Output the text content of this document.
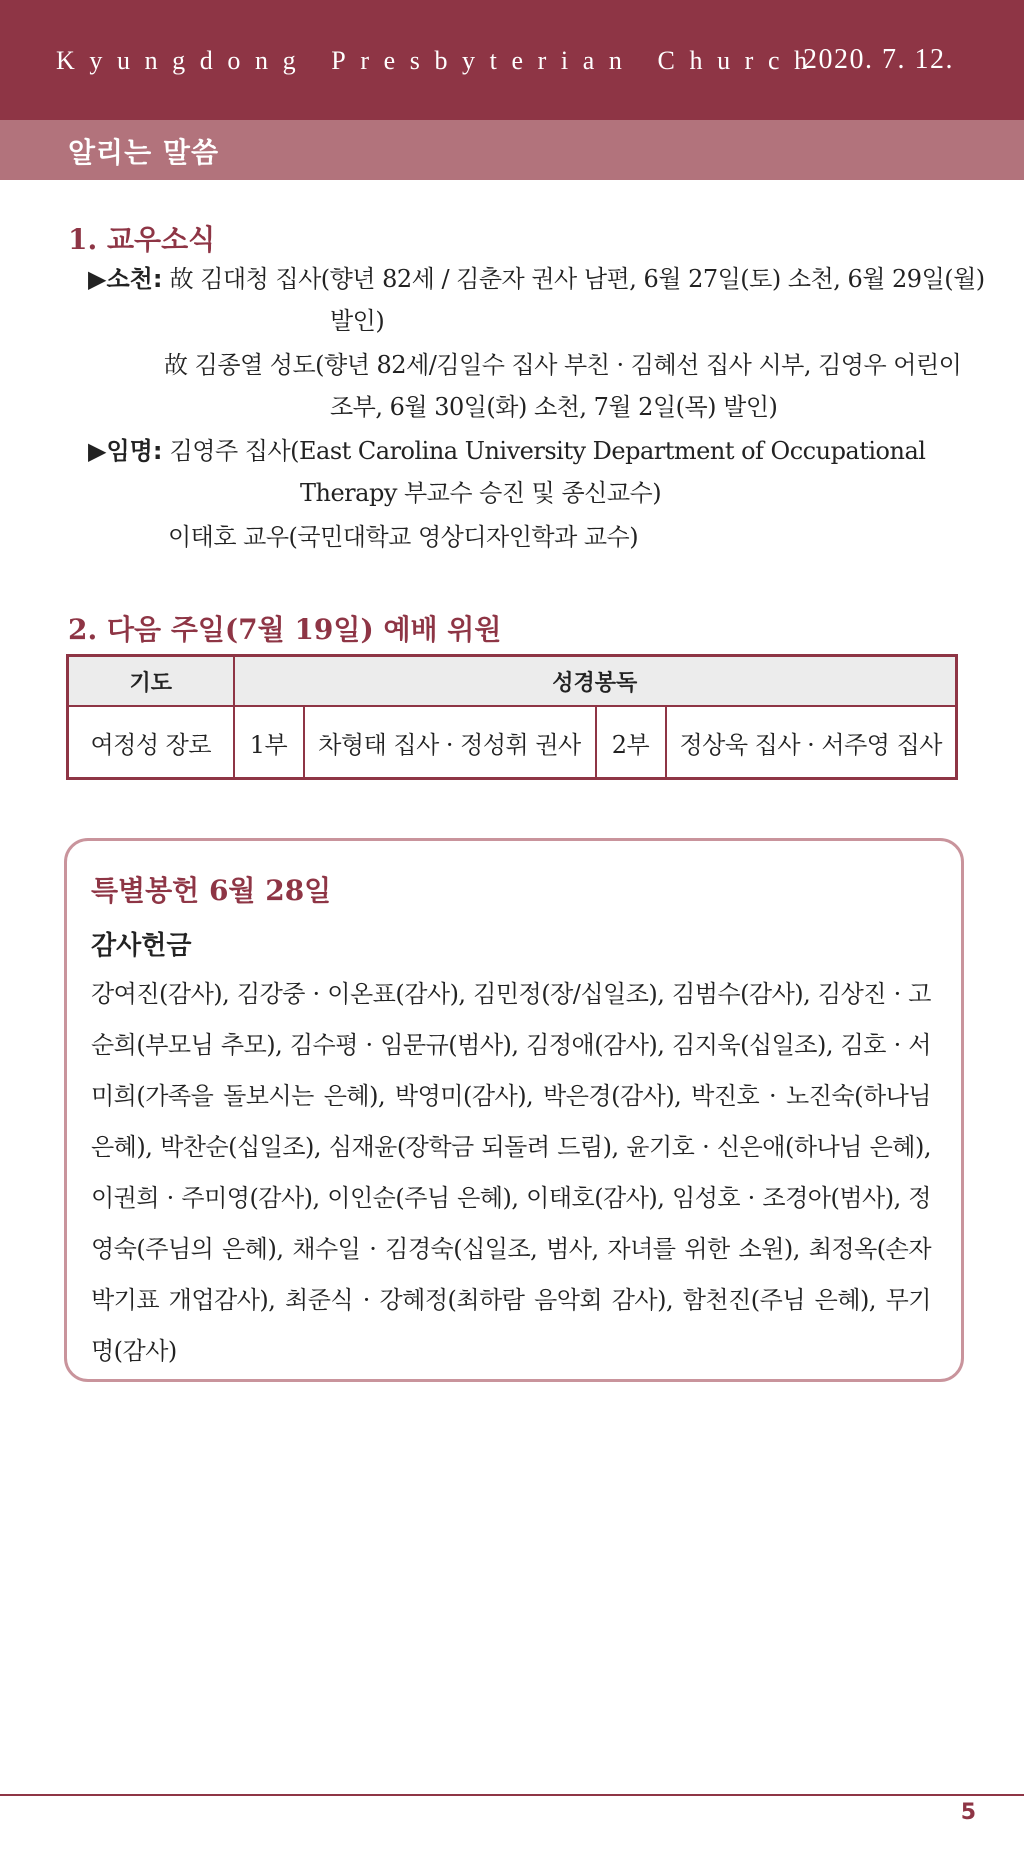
Kyungdong Presbyterian Church
2020. 7. 12.
알리는 말씀
1. 교우소식
▶소천: 故 김대청 집사(향년 82세 / 김춘자 권사 남편, 6월 27일(토) 소천, 6월 29일(월)
발인)
故 김종열 성도(향년 82세/김일수 집사 부친 · 김혜선 집사 시부, 김영우 어린이
조부, 6월 30일(화) 소천, 7월 2일(목) 발인)
▶임명: 김영주 집사(East Carolina University Department of Occupational
Therapy 부교수 승진 및 종신교수)
이태호 교우(국민대학교 영상디자인학과 교수)
2. 다음 주일(7월 19일) 예배 위원
기도	성경봉독			
여정성 장로	1부	차형태 집사 · 정성휘 권사	2부	정상욱 집사 · 서주영 집사
특별봉헌 6월 28일
감사헌금
강여진(감사), 김강중 · 이온표(감사), 김민정(장/십일조), 김범수(감사), 김상진 · 고순희(부모님 추모), 김수평 · 임문규(범사), 김정애(감사), 김지욱(십일조), 김호 · 서미희(가족을 돌보시는 은혜), 박영미(감사), 박은경(감사), 박진호 · 노진숙(하나님 은혜), 박찬순(십일조), 심재윤(장학금 되돌려 드림), 윤기호 · 신은애(하나님 은혜), 이권희 · 주미영(감사), 이인순(주님 은혜), 이태호(감사), 임성호 · 조경아(범사), 정영숙(주님의 은혜), 채수일 · 김경숙(십일조, 범사, 자녀를 위한 소원), 최정옥(손자 박기표 개업감사), 최준식 · 강혜정(최하람 음악회 감사), 함천진(주님 은혜), 무기명(감사)
5
